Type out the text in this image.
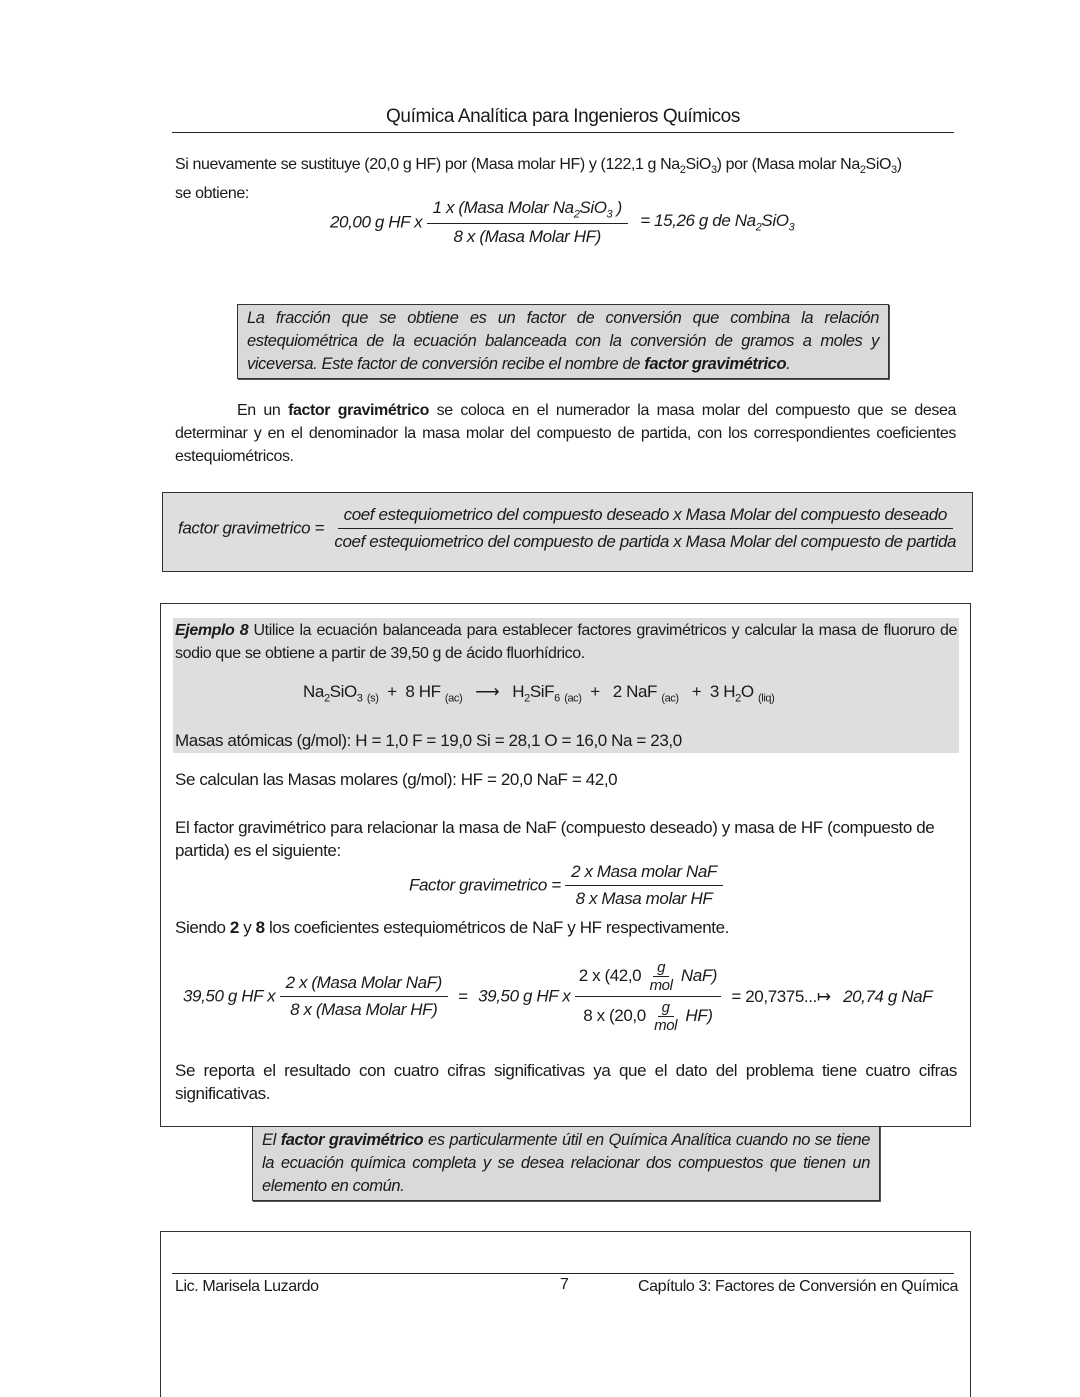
Química Analítica para Ingenieros Químicos

Si nuevamente se sustituye (20,0 g HF) por (Masa molar HF) y (122,1 g $Na_2SiO_3$) por (Masa molar $Na_2SiO_3$)

se obtiene:

20,00 g HF x $\frac{1 x (Masa Molar Na_2SiO_3 )}{\text{8 x (Masa Molar HF)}} = 15,26$ g de $Na_2SiO_3$

La fracción que se obtiene es un factor de conversión que combina la relación estequiométrica de la ecuación balanceada con la conversión de gramos a moles y viceversa. Este factor de conversión recibe el nombre de factor gravimétrico.

En un factor gravimétrico se coloca en el numerador la masa molar del compuesto que se desea determinar y en el denominador la masa molar del compuesto de partida, con los correspondientes coeficientes estequiométricos.

factor gravimetrico =
coef estequiometrico del compuesto deseado x Masa Molar del compuesto deseado
coef estequiometrico del compuesto de partida x Masa Molar del compuesto de partida

Ejemplo 8 Utilice la ecuación balanceada para establecer factores gravimétricos y calcular la masa de fluoruro de sodio que se obtiene a partir de 39,50 g de ácido fluorhídrico.

$Na_2SiO_3$ $_{(s)}$ + 8 HF $_{(ac)}$ ⟶ $H_2SiF_6$ $_{(ac)}$ + 2 NaF $_{(ac)}$ + 3 $H_2O$ $_{(liq)}$
Masas atómicas (g/mol): H = 1,0 F = 19,0 Si = 28,1 O = 16,0 Na = 23,0
Se calculan las Masas molares (g/mol): HF = 20,0 NaF = 42,0

El factor gravimétrico para relacionar la masa de NaF (compuesto deseado) y masa de HF (compuesto de partida) es el siguiente:

Factor gravimetrico = $\frac{\text{2 x Masa molar NaF}}{\text{8 x Masa molar HF}}$
Siendo 2 y 8 los coeficientes estequiométricos de NaF y HF respectivamente.
39,50 g HF x $\frac{\text{2 x (Masa Molar NaF)}}{\text{8 x (Masa Molar HF)}} = 39,50$ g HF x $\frac{2 x (42,0 \frac{g}{\text{mol}} NaF)}{8 x (20,0 \frac{g}{\text{mol}} HF)}$ = 20,7375...↦ 20,74 g NaF

Se reporta el resultado con cuatro cifras significativas ya que el dato del problema tiene cuatro cifras significativas.

El factor gravimétrico es particularmente útil en Química Analítica cuando no se tiene la ecuación química completa y se desea relacionar dos compuestos que tienen un elemento en común.

Lic. Marisela Luzardo	7	Capítulo 3: Factores de Conversión en Química
